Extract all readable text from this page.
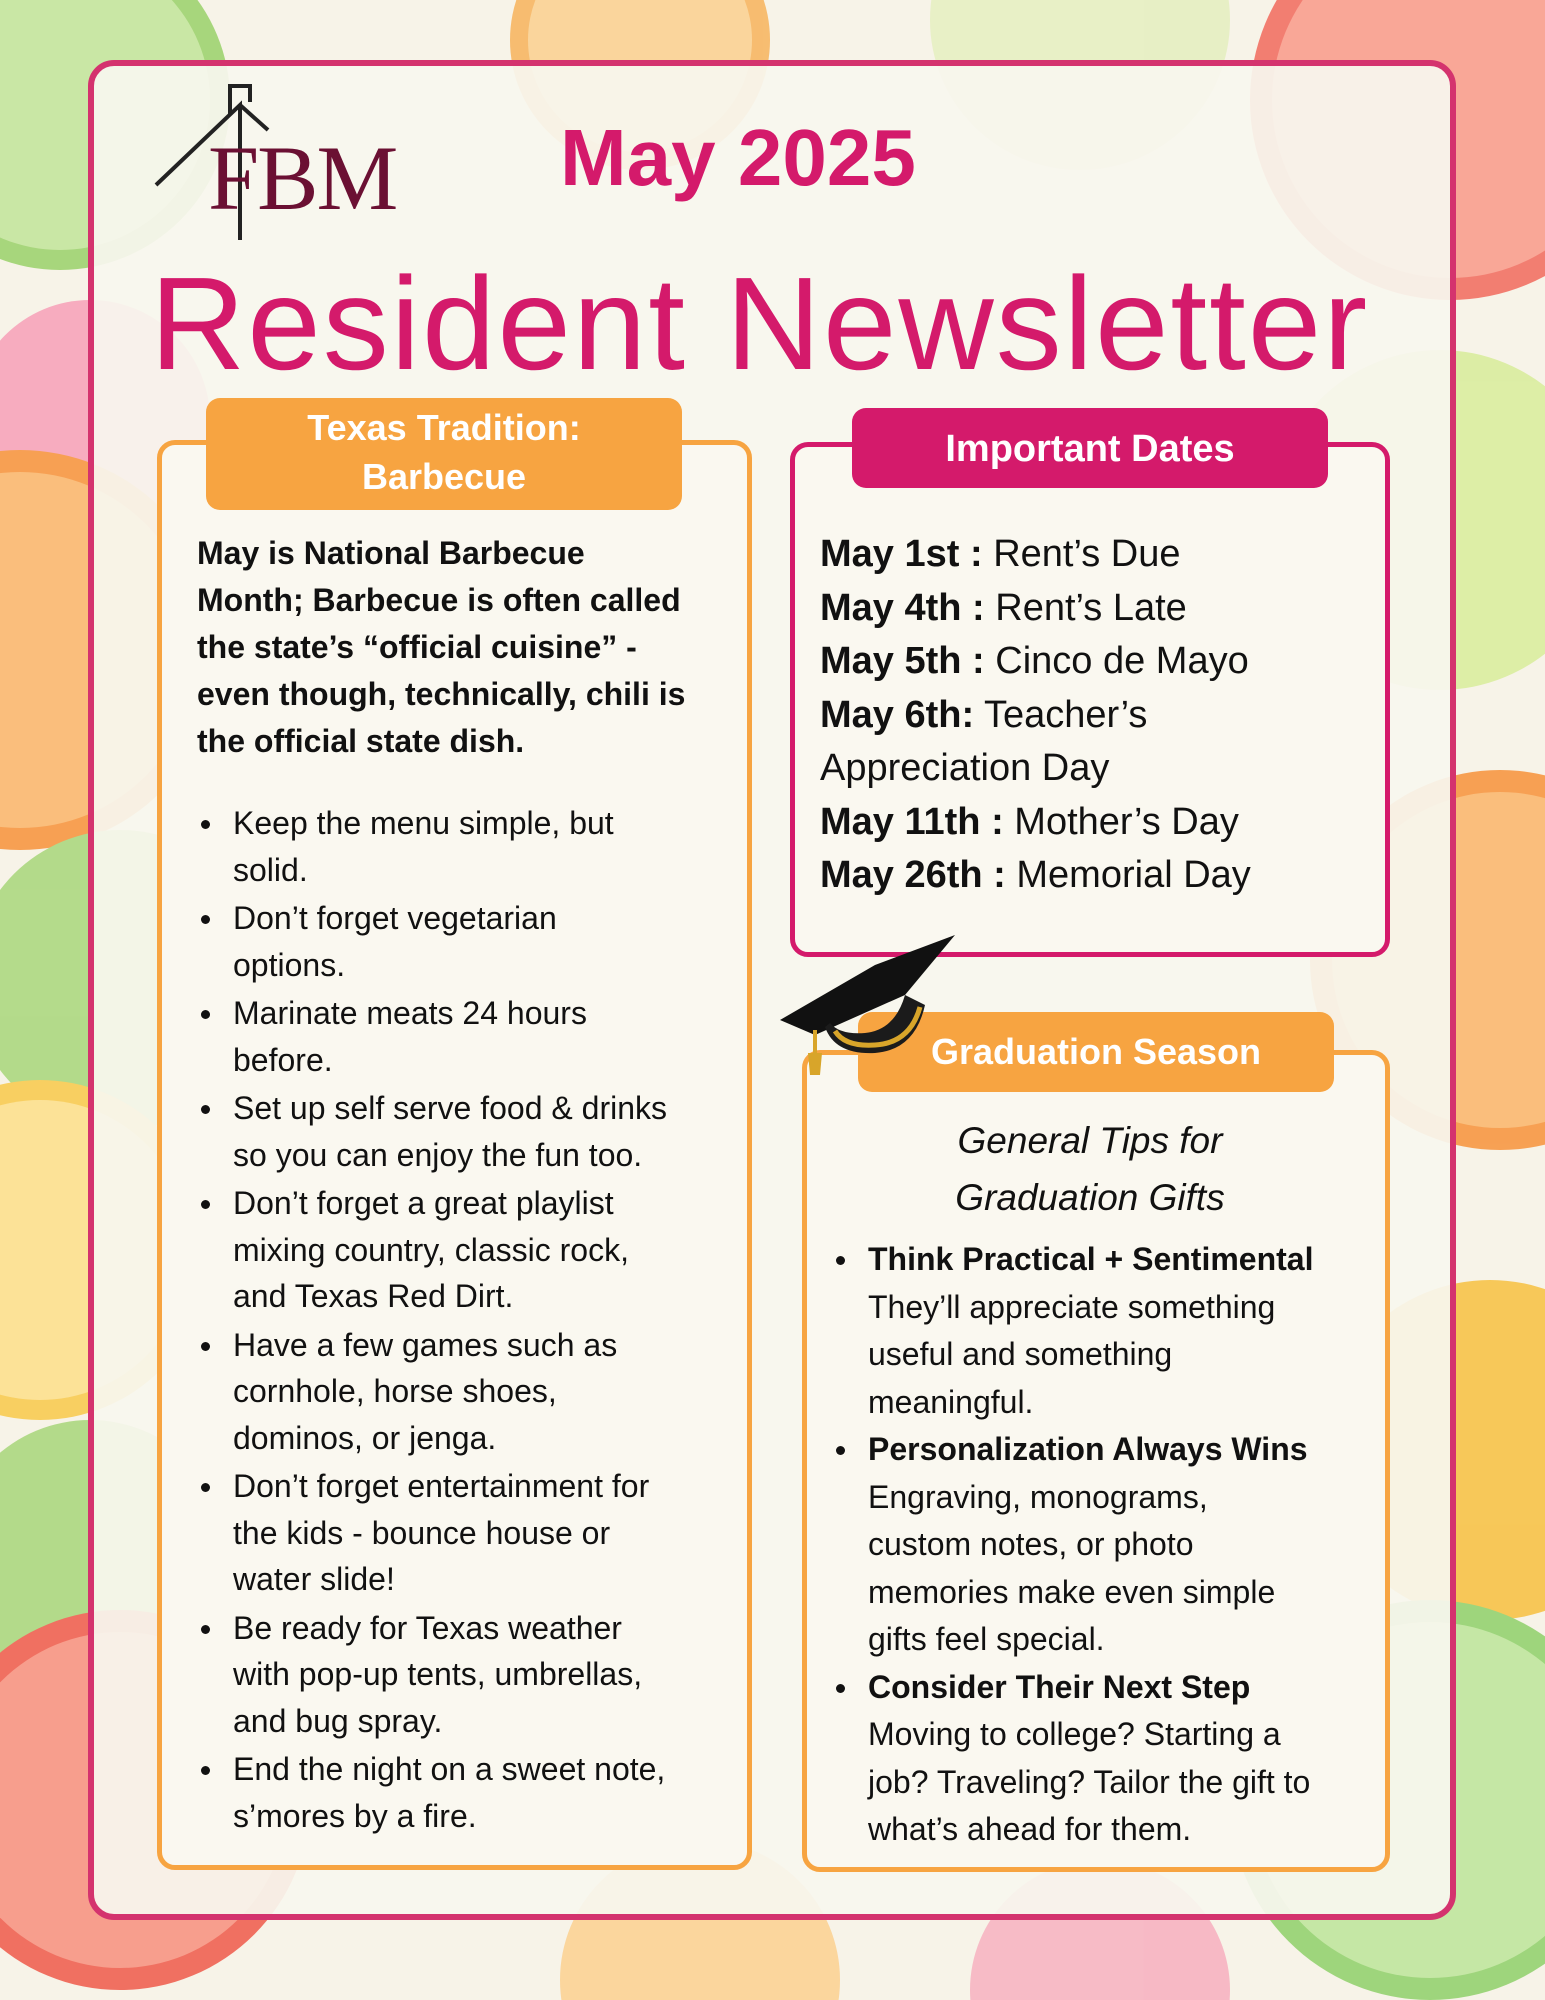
FBM May 2025
Resident Newsletter
Texas Tradition:
Barbecue
May is National Barbecue
Month; Barbecue is often called
the state’s “official cuisine” -
even though, technically, chili is
the official state dish.
Keep the menu simple, but
solid.
Don’t forget vegetarian
options.
Marinate meats 24 hours
before.
Set up self serve food & drinks
so you can enjoy the fun too.
Don’t forget a great playlist
mixing country, classic rock,
and Texas Red Dirt.
Have a few games such as
cornhole, horse shoes,
dominos, or jenga.
Don’t forget entertainment for
the kids - bounce house or
water slide!
Be ready for Texas weather
with pop-up tents, umbrellas,
and bug spray.
End the night on a sweet note,
s’mores by a fire.
Important Dates
May 1st : Rent’s Due
May 4th : Rent’s Late
May 5th : Cinco de Mayo
May 6th: Teacher’s
Appreciation Day
May 11th : Mother’s Day
May 26th : Memorial Day
Graduation Season
General Tips for
Graduation Gifts
Think Practical + Sentimental
They’ll appreciate something
useful and something
meaningful.
Personalization Always Wins
Engraving, monograms,
custom notes, or photo
memories make even simple
gifts feel special.
Consider Their Next Step
Moving to college? Starting a
job? Traveling? Tailor the gift to
what’s ahead for them.
